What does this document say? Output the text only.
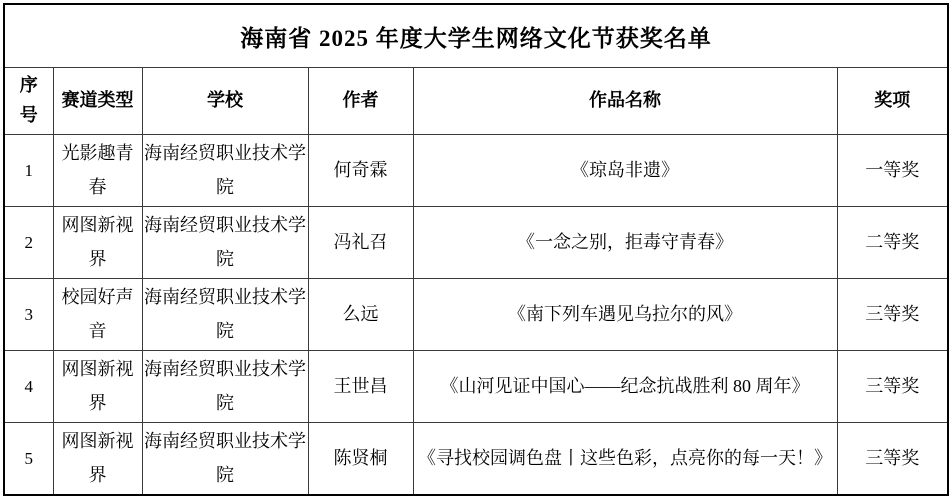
海南省 2025 年度大学生网络文化节获奖名单					
序号	赛道类型	学校	作者	作品名称	奖项
1	光影趣青春	海南经贸职业技术学院	何奇霖	《琼岛非遗》	一等奖
2	网图新视界	海南经贸职业技术学院	冯礼召	《一念之别，拒毒守青春》	二等奖
3	校园好声音	海南经贸职业技术学院	么远	《南下列车遇见乌拉尔的风》	三等奖
4	网图新视界	海南经贸职业技术学院	王世昌	《山河见证中国心——纪念抗战胜利 80 周年》	三等奖
5	网图新视界	海南经贸职业技术学院	陈贤桐	《寻找校园调色盘丨这些色彩，点亮你的每一天！》	三等奖
